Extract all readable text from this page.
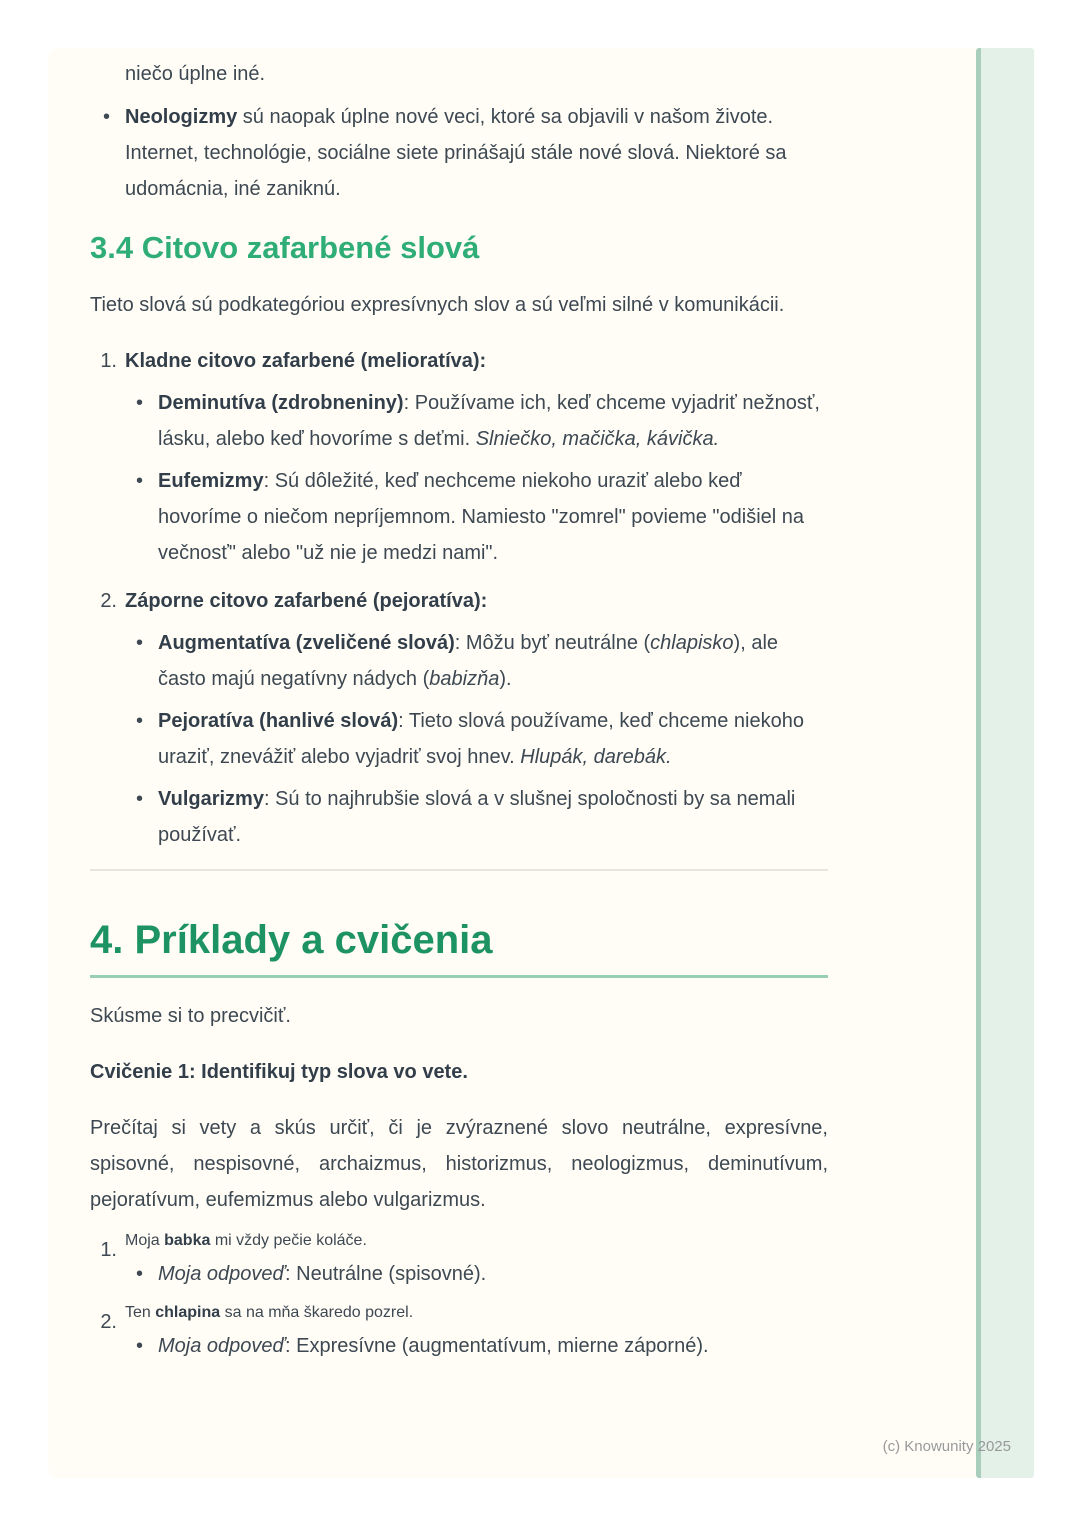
niečo úplne iné.

•
Neologizmy sú naopak úplne nové veci, ktoré sa objavili v našom živote. Internet, technológie, sociálne siete prinášajú stále nové slová. Niektoré sa udomácnia, iné zaniknú.
3.4 Citovo zafarbené slová

Tieto slová sú podkategóriou expresívnych slov a sú veľmi silné v komunikácii.

1. Kladne citovo zafarbené (melioratíva):
•
Deminutíva (zdrobneniny): Používame ich, keď chceme vyjadriť nežnosť, lásku, alebo keď hovoríme s deťmi. Slniečko, mačička, kávička.
•
Eufemizmy: Sú dôležité, keď nechceme niekoho uraziť alebo keď hovoríme o niečom nepríjemnom. Namiesto "zomrel" povieme "odišiel na večnosť" alebo "už nie je medzi nami".
2. Záporne citovo zafarbené (pejoratíva):
•
Augmentatíva (zveličené slová): Môžu byť neutrálne (chlapisko), ale často majú negatívny nádych (babizňa).
•
Pejoratíva (hanlivé slová): Tieto slová používame, keď chceme niekoho uraziť, znevážiť alebo vyjadriť svoj hnev. Hlupák, darebák.
•
Vulgarizmy: Sú to najhrubšie slová a v slušnej spoločnosti by sa nemali používať.
4. Príklady a cvičenia

Skúsme si to precvičiť.

Cvičenie 1: Identifikuj typ slova vo vete.

Prečítaj si vety a skús určiť, či je zvýraznené slovo neutrálne, expresívne, spisovné, nespisovné, archaizmus, historizmus, neologizmus, deminutívum, pejoratívum, eufemizmus alebo vulgarizmus.

1. Moja babka mi vždy pečie koláče.
•
Moja odpoveď: Neutrálne (spisovné).
2. Ten chlapina sa na mňa škaredo pozrel.
•
Moja odpoveď: Expresívne (augmentatívum, mierne záporné).
(c) Knowunity 2025
